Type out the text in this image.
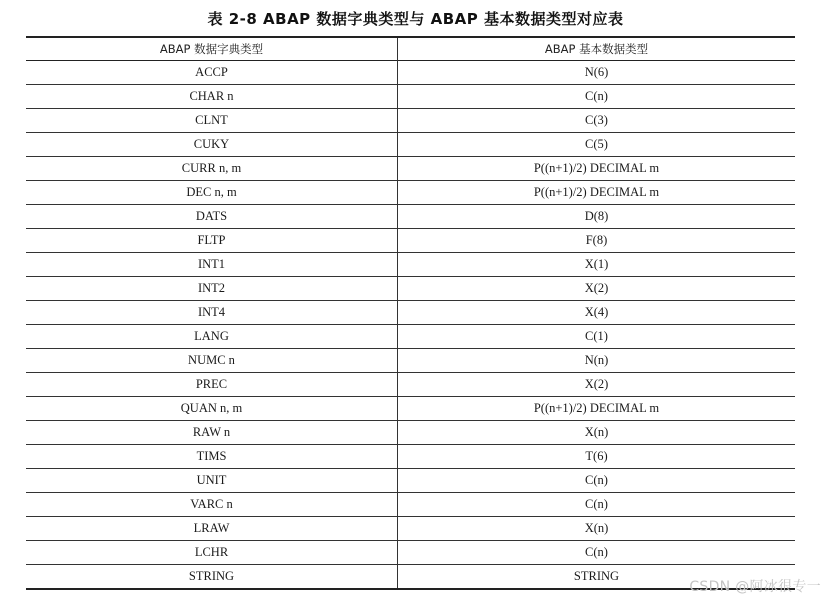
表 2-8 ABAP 数据字典类型与 ABAP 基本数据类型对应表
ABAP 数据字典类型	ABAP 基本数据类型
ACCP	N(6)
CHAR n	C(n)
CLNT	C(3)
CUKY	C(5)
CURR n, m	P((n+1)/2) DECIMAL m
DEC n, m	P((n+1)/2) DECIMAL m
DATS	D(8)
FLTP	F(8)
INT1	X(1)
INT2	X(2)
INT4	X(4)
LANG	C(1)
NUMC n	N(n)
PREC	X(2)
QUAN n, m	P((n+1)/2) DECIMAL m
RAW n	X(n)
TIMS	T(6)
UNIT	C(n)
VARC n	C(n)
LRAW	X(n)
LCHR	C(n)
STRING	STRING
CSDN @阿冰很专一
